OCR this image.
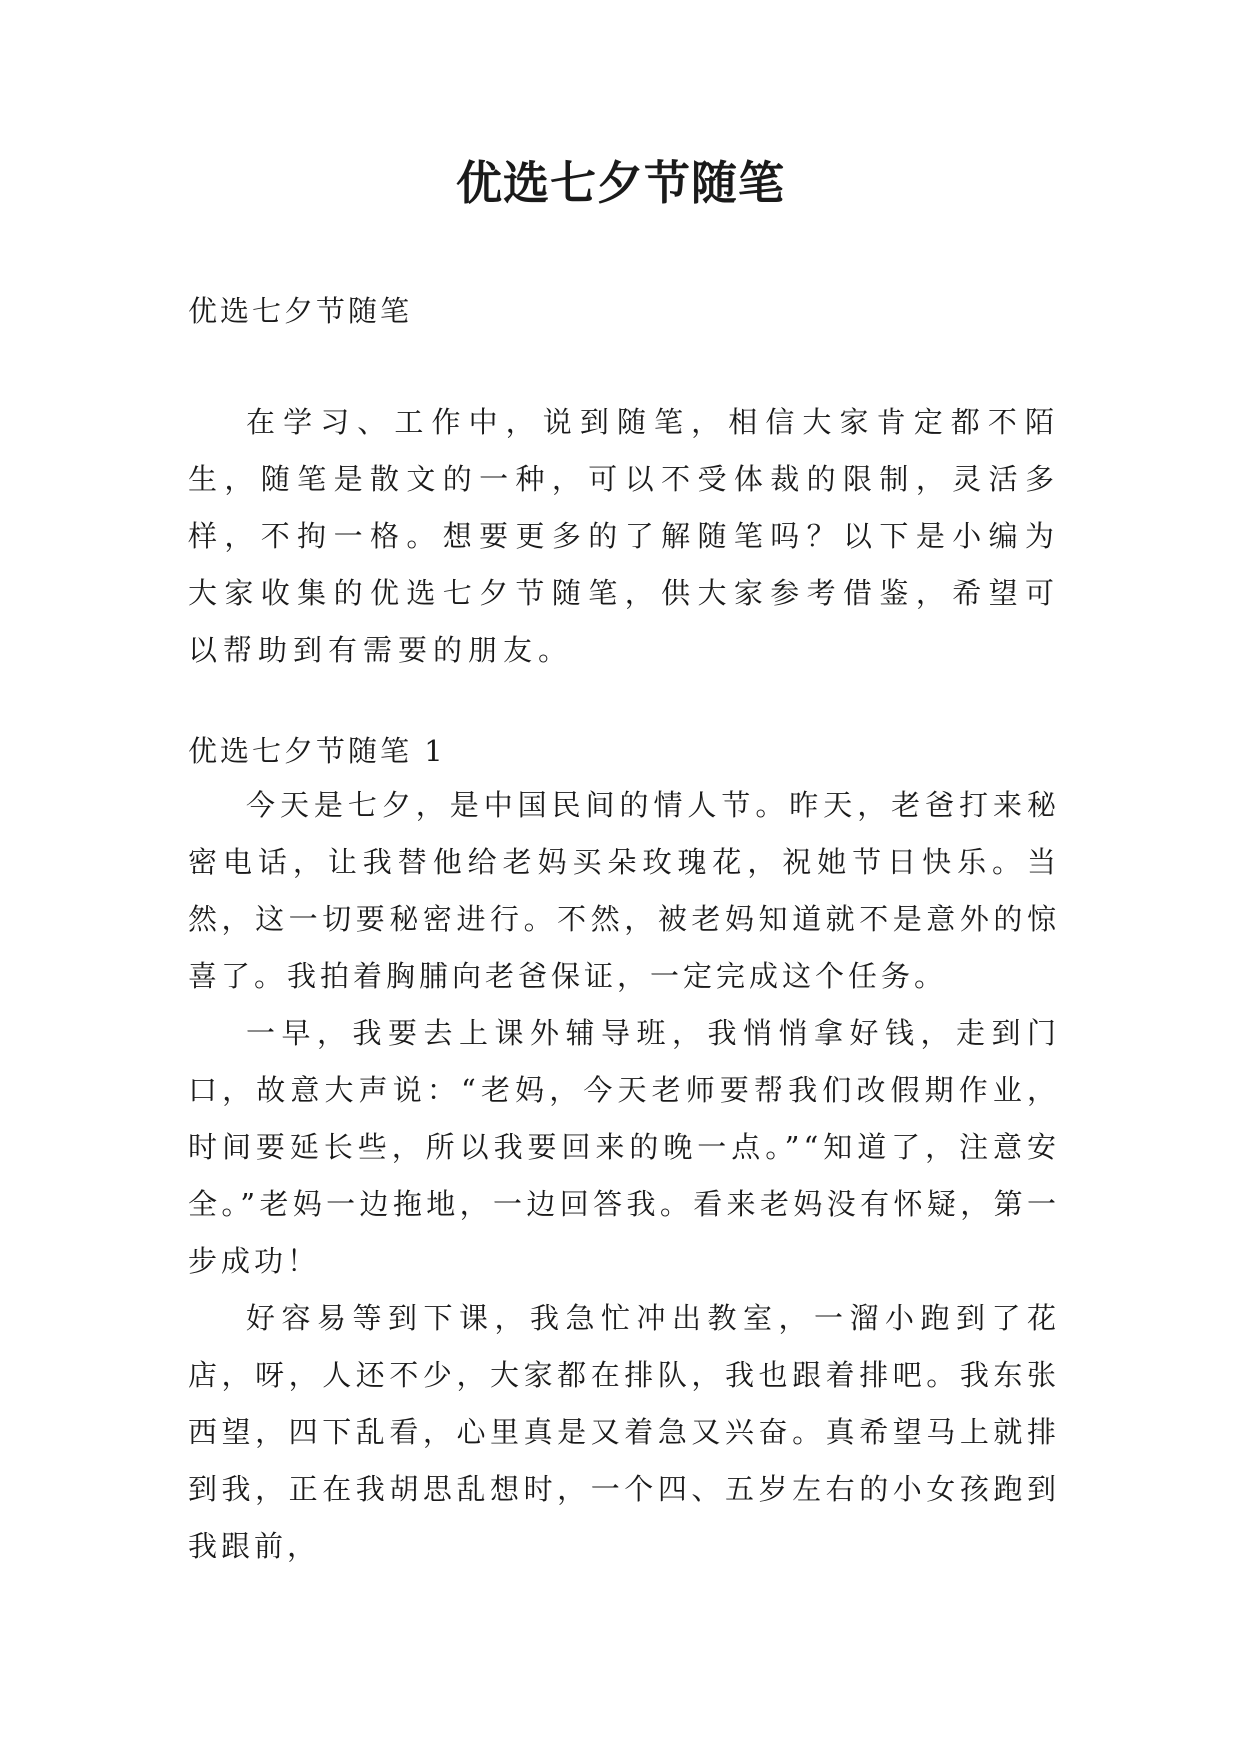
优选七夕节随笔

优选七夕节随笔

在学习、工作中，说到随笔，相信大家肯定都不陌生，随笔是散文的一种，可以不受体裁的限制，灵活多样，不拘一格。想要更多的了解随笔吗？以下是小编为大家收集的优选七夕节随笔，供大家参考借鉴，希望可以帮助到有需要的朋友。

优选七夕节随笔 1

今天是七夕，是中国民间的情人节。昨天，老爸打来秘密电话，让我替他给老妈买朵玫瑰花，祝她节日快乐。当然，这一切要秘密进行。不然，被老妈知道就不是意外的惊喜了。我拍着胸脯向老爸保证，一定完成这个任务。

一早，我要去上课外辅导班，我悄悄拿好钱，走到门口，故意大声说：“老妈，今天老师要帮我们改假期作业，时间要延长些，所以我要回来的晚一点。”“知道了，注意安全。”老妈一边拖地，一边回答我。看来老妈没有怀疑，第一步成功！

好容易等到下课，我急忙冲出教室，一溜小跑到了花店，呀，人还不少，大家都在排队，我也跟着排吧。我东张西望，四下乱看，心里真是又着急又兴奋。真希望马上就排到我，正在我胡思乱想时，一个四、五岁左右的小女孩跑到我跟前，
